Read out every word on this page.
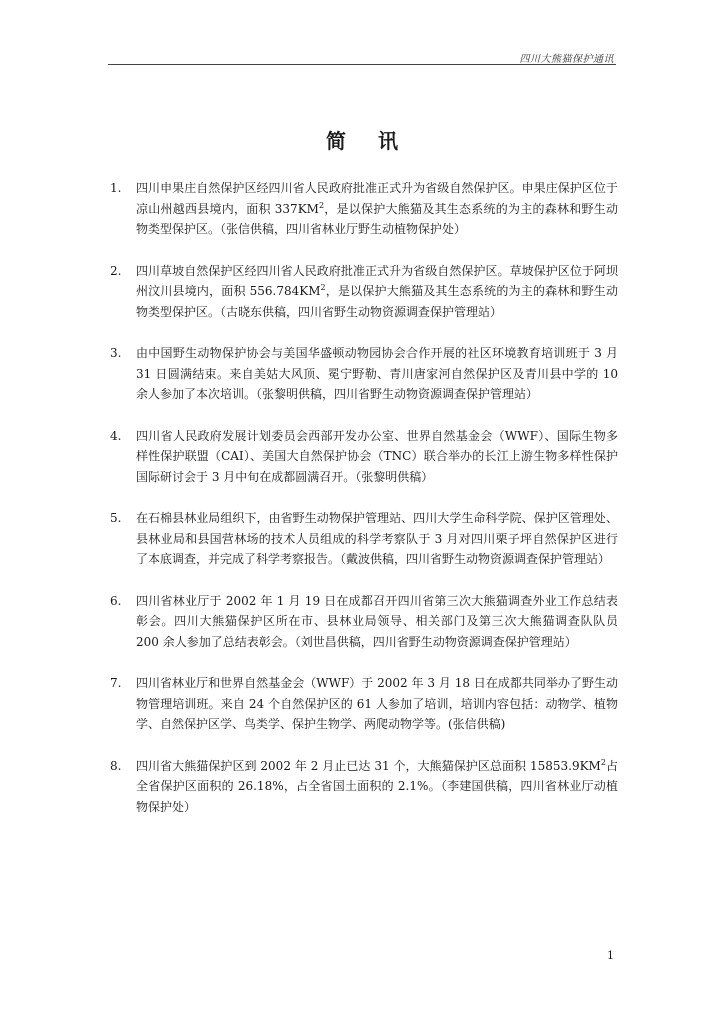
四川大熊猫保护通讯
简讯
1.	四川申果庄自然保护区经四川省人民政府批准正式升为省级自然保护区。申果庄保护区位于凉山州越西县境内，面积 $337KM^2$，是以保护大熊猫及其生态系统的为主的森林和野生动物类型保护区。（张信供稿，四川省林业厅野生动植物保护处）
2.	四川草坡自然保护区经四川省人民政府批准正式升为省级自然保护区。草坡保护区位于阿坝州汶川县境内，面积 $556.784KM^2$，是以保护大熊猫及其生态系统的为主的森林和野生动物类型保护区。（古晓东供稿，四川省野生动物资源调查保护管理站）
3.	由中国野生动物保护协会与美国华盛顿动物园协会合作开展的社区环境教育培训班于 3 月 31 日圆满结束。来自美姑大风顶、冕宁野勒、青川唐家河自然保护区及青川县中学的 10 余人参加了本次培训。（张黎明供稿，四川省野生动物资源调查保护管理站）
4.	四川省人民政府发展计划委员会西部开发办公室、世界自然基金会（WWF）、国际生物多样性保护联盟（CAI）、美国大自然保护协会（TNC）联合举办的长江上游生物多样性保护国际研讨会于 3 月中旬在成都圆满召开。（张黎明供稿）
5.	在石棉县林业局组织下，由省野生动物保护管理站、四川大学生命科学院、保护区管理处、县林业局和县国营林场的技术人员组成的科学考察队于 3 月对四川栗子坪自然保护区进行了本底调查，并完成了科学考察报告。（戴波供稿，四川省野生动物资源调查保护管理站）
6.	四川省林业厅于 2002 年 1 月 19 日在成都召开四川省第三次大熊猫调查外业工作总结表彰会。四川大熊猫保护区所在市、县林业局领导、相关部门及第三次大熊猫调查队队员 200 余人参加了总结表彰会。（刘世昌供稿，四川省野生动物资源调查保护管理站）
7.	四川省林业厅和世界自然基金会（WWF）于 2002 年 3 月 18 日在成都共同举办了野生动物管理培训班。来自 24 个自然保护区的 61 人参加了培训，培训内容包括：动物学、植物学、自然保护区学、鸟类学、保护生物学、两爬动物学等。(张信供稿)
8.	四川省大熊猫保护区到 2002 年 2 月止已达 31 个，大熊猫保护区总面积 $15853.9KM^2$占全省保护区面积的 26.18%，占全省国土面积的 2.1%。（李建国供稿，四川省林业厅动植物保护处）
1
